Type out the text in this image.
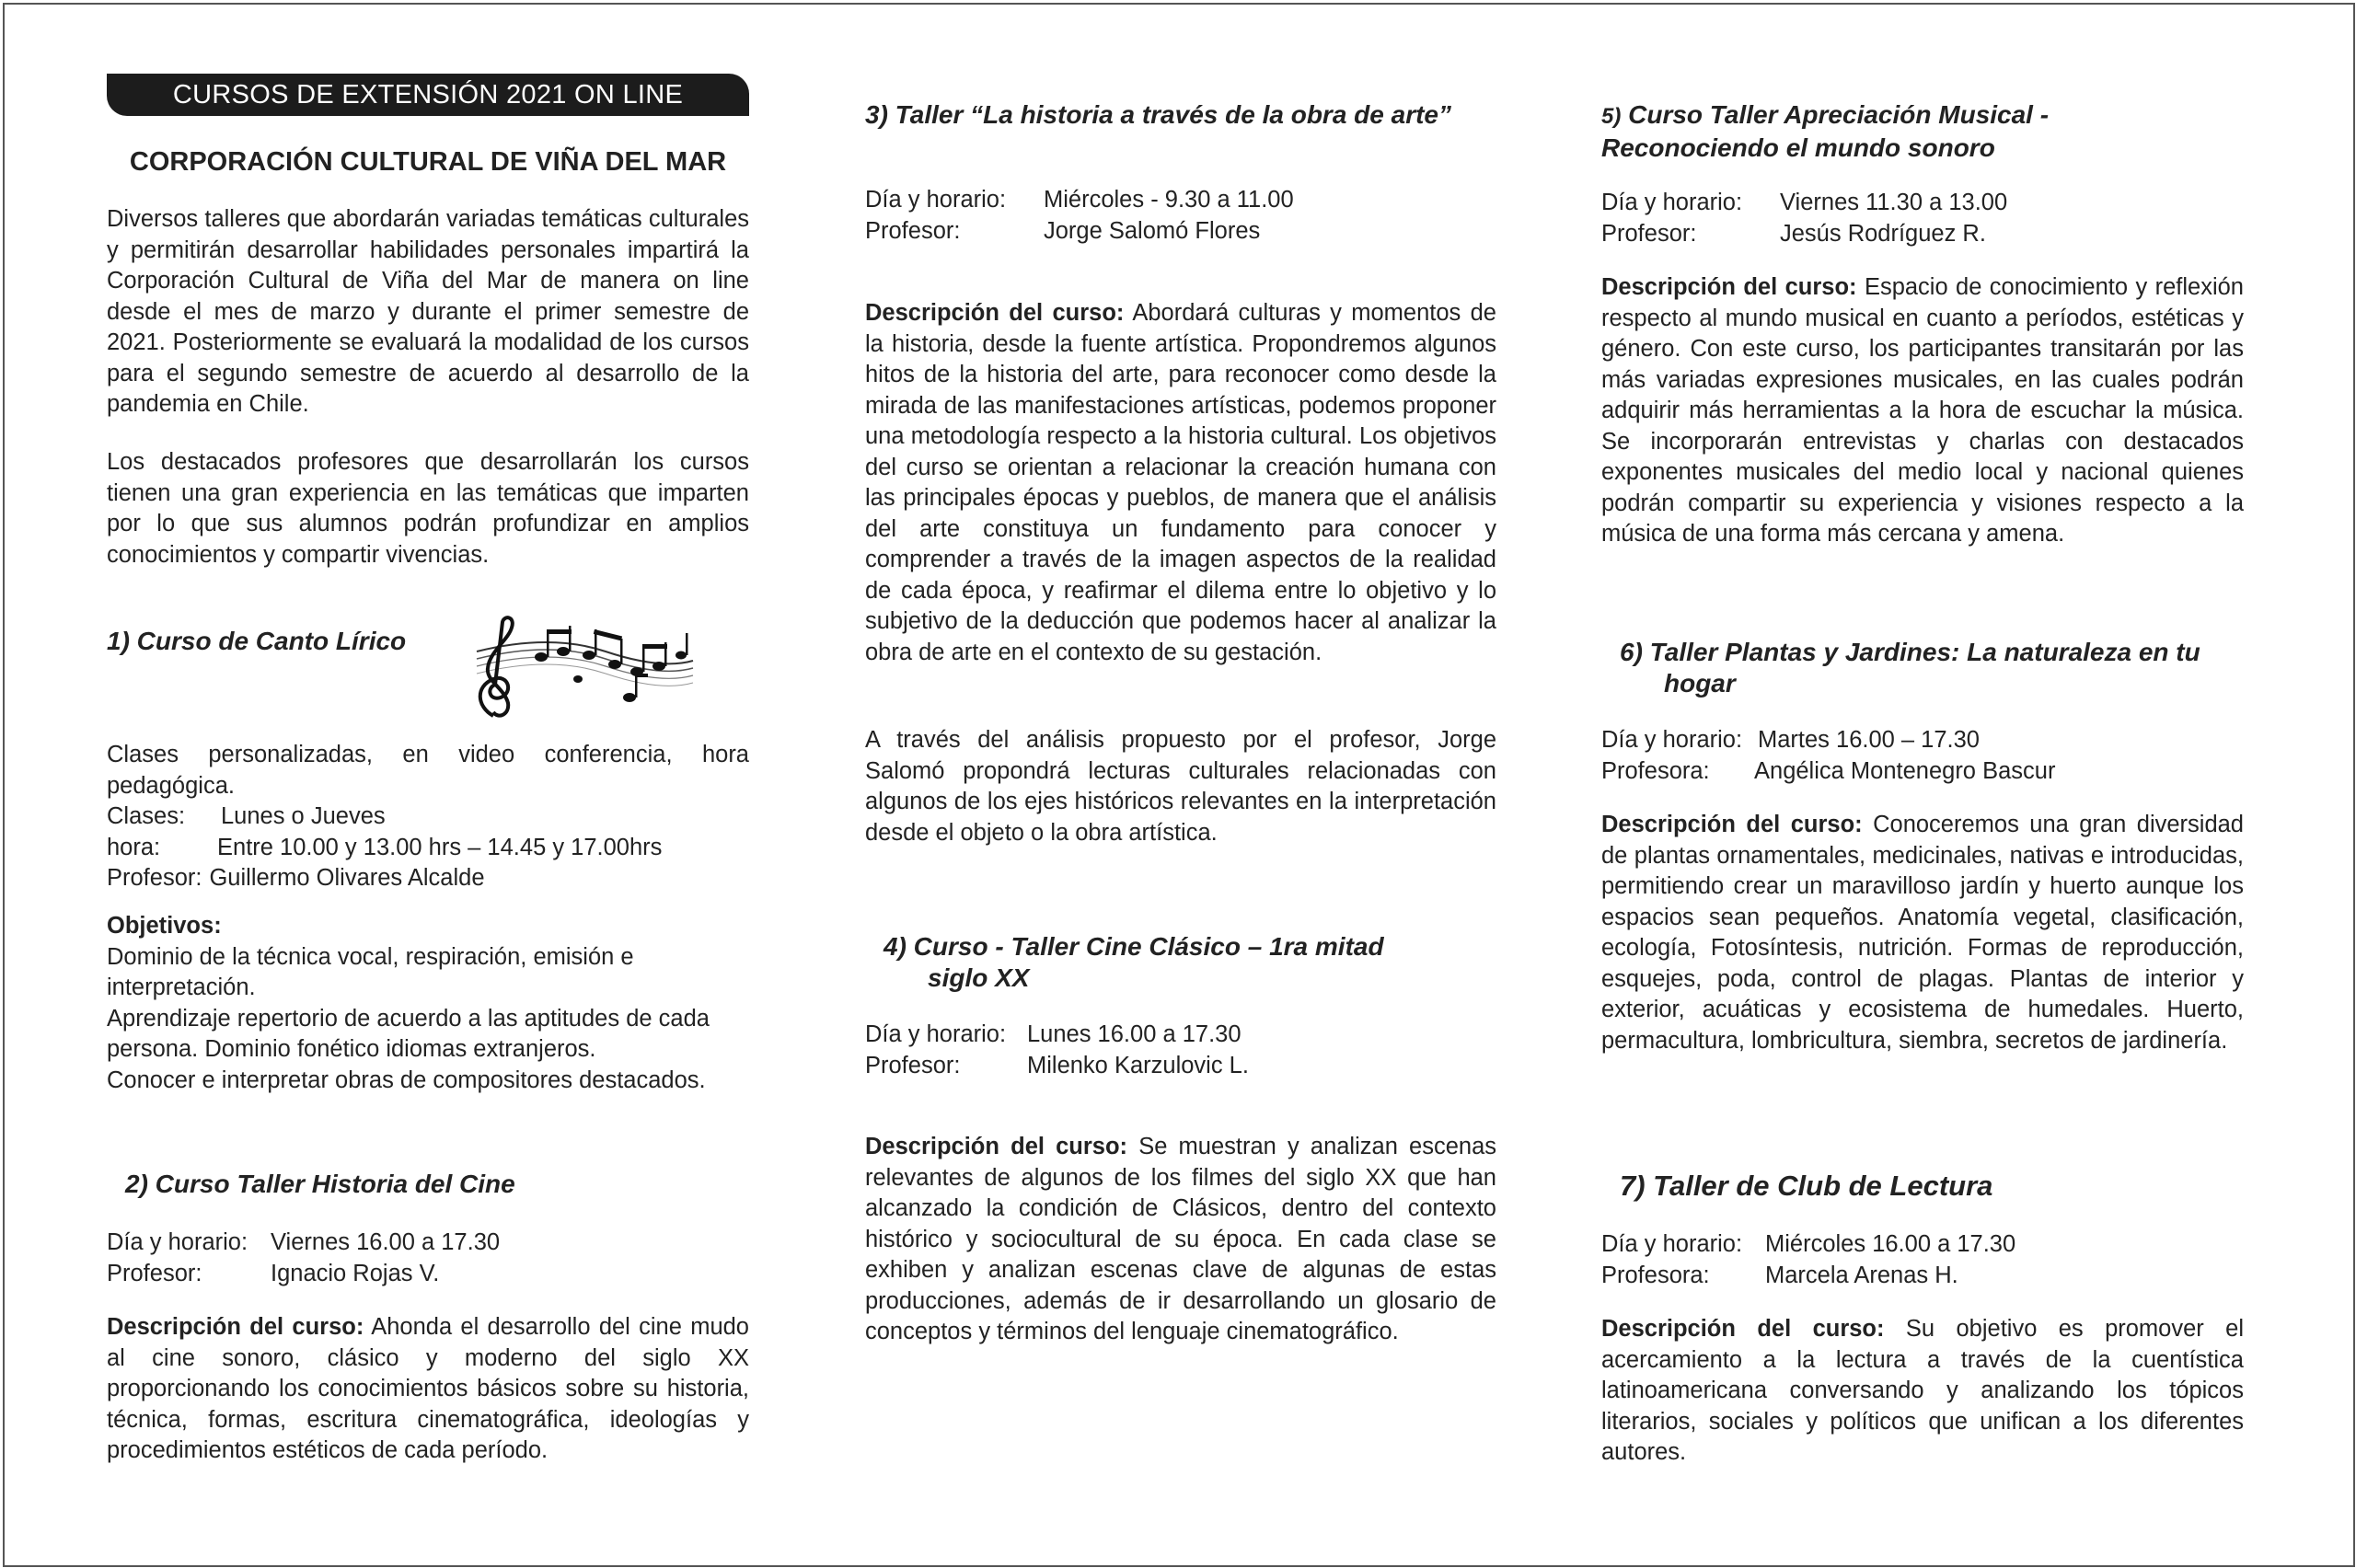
CURSOS DE EXTENSIÓN 2021 ON LINE
CORPORACIÓN CULTURAL DE VIÑA DEL MAR
Diversos talleres que abordarán variadas temáticas culturales y permitirán desarrollar habilidades personales impartirá la Corporación Cultural de Viña del Mar de manera on line desde el mes de marzo y durante el primer semestre de 2021. Posteriormente se evaluará la modalidad de los cursos para el segundo semestre de acuerdo al desarrollo de la pandemia en Chile.
Los destacados profesores que desarrollarán los cursos tienen una gran experiencia en las temáticas que imparten por lo que sus alumnos podrán profundizar en amplios conocimientos y compartir vivencias.
1) Curso de Canto Lírico
Clases personalizadas, en video conferencia, hora pedagógica.
Clases:	Lunes o Jueves
hora:	Entre 10.00 y 13.00 hrs – 14.45 y 17.00hrs
Profesor: Guillermo Olivares Alcalde
Objetivos:
Dominio de la técnica vocal, respiración, emisión e interpretación.
Aprendizaje repertorio de acuerdo a las aptitudes de cada persona. Dominio fonético idiomas extranjeros.
Conocer e interpretar obras de compositores destacados.
2) Curso Taller Historia del Cine
Día y horario: Viernes 16.00 a 17.30
Profesor:	Ignacio Rojas V.
Descripción del curso: Ahonda el desarrollo del cine mudo al cine sonoro, clásico y moderno del siglo XX proporcionando los conocimientos básicos sobre su historia, técnica, formas, escritura cinematográfica, ideologías y procedimientos estéticos de cada período.
3) Taller “La historia a través de la obra de arte”
Día y horario:	Miércoles - 9.30 a 11.00
Profesor:	Jorge Salomó Flores
Descripción del curso: Abordará culturas y momentos de la historia, desde la fuente artística. Propondremos algunos hitos de la historia del arte, para reconocer como desde la mirada de las manifestaciones artísticas, podemos proponer una metodología respecto a la historia cultural. Los objetivos del curso se orientan a relacionar la creación humana con las principales épocas y pueblos, de manera que el análisis del arte constituya un fundamento para conocer y comprender a través de la imagen aspectos de la realidad de cada época, y reafirmar el dilema entre lo objetivo y lo subjetivo de la deducción que podemos hacer al analizar la obra de arte en el contexto de su gestación.
A través del análisis propuesto por el profesor, Jorge Salomó propondrá lecturas culturales relacionadas con algunos de los ejes históricos relevantes en la interpretación desde el objeto o la obra artística.
4) Curso - Taller Cine Clásico – 1ra mitad
siglo XX
Día y horario: Lunes 16.00 a 17.30
Profesor:	Milenko Karzulovic L.
Descripción del curso: Se muestran y analizan escenas relevantes de algunos de los filmes del siglo XX que han alcanzado la condición de Clásicos, dentro del contexto histórico y sociocultural de su época. En cada clase se exhiben y analizan escenas clave de algunas de estas producciones, además de ir desarrollando un glosario de conceptos y términos del lenguaje cinematográfico.
5) Curso Taller Apreciación Musical -
Reconociendo el mundo sonoro
Día y horario:	Viernes 11.30 a 13.00
Profesor:	Jesús Rodríguez R.
Descripción del curso: Espacio de conocimiento y reflexión respecto al mundo musical en cuanto a períodos, estéticas y género. Con este curso, los participantes transitarán por las más variadas expresiones musicales, en las cuales podrán adquirir más herramientas a la hora de escuchar la música. Se incorporarán entrevistas y charlas con destacados exponentes musicales del medio local y nacional quienes podrán compartir su experiencia y visiones respecto a la música de una forma más cercana y amena.
6) Taller Plantas y Jardines: La naturaleza en tu
hogar
Día y horario: Martes 16.00 – 17.30
Profesora:	Angélica Montenegro Bascur
Descripción del curso: Conoceremos una gran diversidad de plantas ornamentales, medicinales, nativas e introducidas, permitiendo crear un maravilloso jardín y huerto aunque los espacios sean pequeños. Anatomía vegetal, clasificación, ecología, Fotosíntesis, nutrición. Formas de reproducción, esquejes, poda, control de plagas. Plantas de interior y exterior, acuáticas y ecosistema de humedales. Huerto, permacultura, lombricultura, siembra, secretos de jardinería.
7) Taller de Club de Lectura
Día y horario: Miércoles 16.00 a 17.30
Profesora:	Marcela Arenas H.
Descripción del curso: Su objetivo es promover el acercamiento a la lectura a través de la cuentística latinoamericana conversando y analizando los tópicos literarios, sociales y políticos que unifican a los diferentes autores.
